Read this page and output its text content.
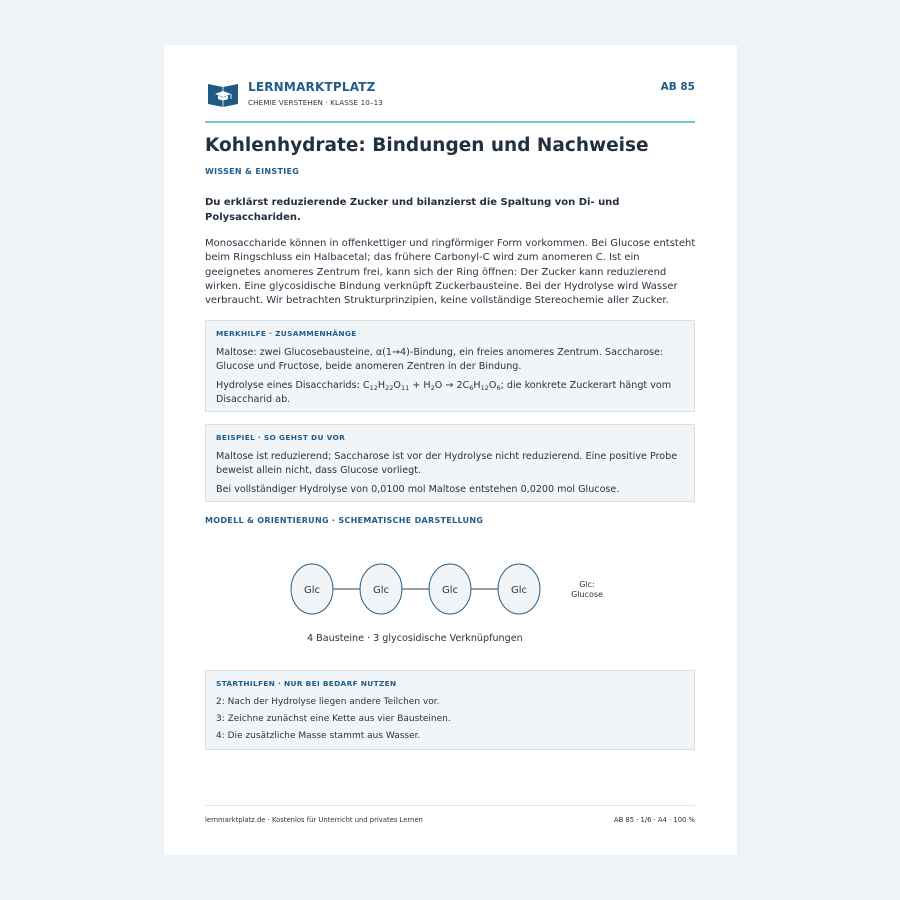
LERNMARKTPLATZ
CHEMIE VERSTEHEN · KLASSE 10–13
AB 85
Kohlenhydrate: Bindungen und Nachweise
WISSEN & EINSTIEG
Du erklärst reduzierende Zucker und bilanzierst die Spaltung von Di- und Polysacchariden.
Monosaccharide können in offenkettiger und ringförmiger Form vorkommen. Bei Glucose entsteht beim Ringschluss ein Halbacetal; das frühere Carbonyl-C wird zum anomeren C. Ist ein geeignetes anomeres Zentrum frei, kann sich der Ring öffnen: Der Zucker kann reduzierend wirken. Eine glycosidische Bindung verknüpft Zuckerbausteine. Bei der Hydrolyse wird Wasser verbraucht. Wir betrachten Strukturprinzipien, keine vollständige Stereochemie aller Zucker.
MERKHILFE · ZUSAMMENHÄNGE

Maltose: zwei Glucosebausteine, α(1→4)-Bindung, ein freies anomeres Zentrum. Saccharose: Glucose und Fructose, beide anomeren Zentren in der Bindung.

Hydrolyse eines Disaccharids: $C_{12}H_{22}O_{11} + H_2O \to 2C_6H_{12}O_6$; die konkrete Zuckerart hängt vom Disaccharid ab.

BEISPIEL · SO GEHST DU VOR

Maltose ist reduzierend; Saccharose ist vor der Hydrolyse nicht reduzierend. Eine positive Probe beweist allein nicht, dass Glucose vorliegt.

Bei vollständiger Hydrolyse von 0,0100 mol Maltose entstehen 0,0200 mol Glucose.

MODELL & ORIENTIERUNG · SCHEMATISCHE DARSTELLUNG
Glc	Glc	Glc	Glc
Glc:
Glucose
4 Bausteine · 3 glycosidische Verknüpfungen
STARTHILFEN · NUR BEI BEDARF NUTZEN
2: Nach der Hydrolyse liegen andere Teilchen vor.
3: Zeichne zunächst eine Kette aus vier Bausteinen.
4: Die zusätzliche Masse stammt aus Wasser.
lernmarktplatz.de · Kostenlos für Unterricht und privates Lernen	AB 85 · 1/6 · A4 · 100 %
